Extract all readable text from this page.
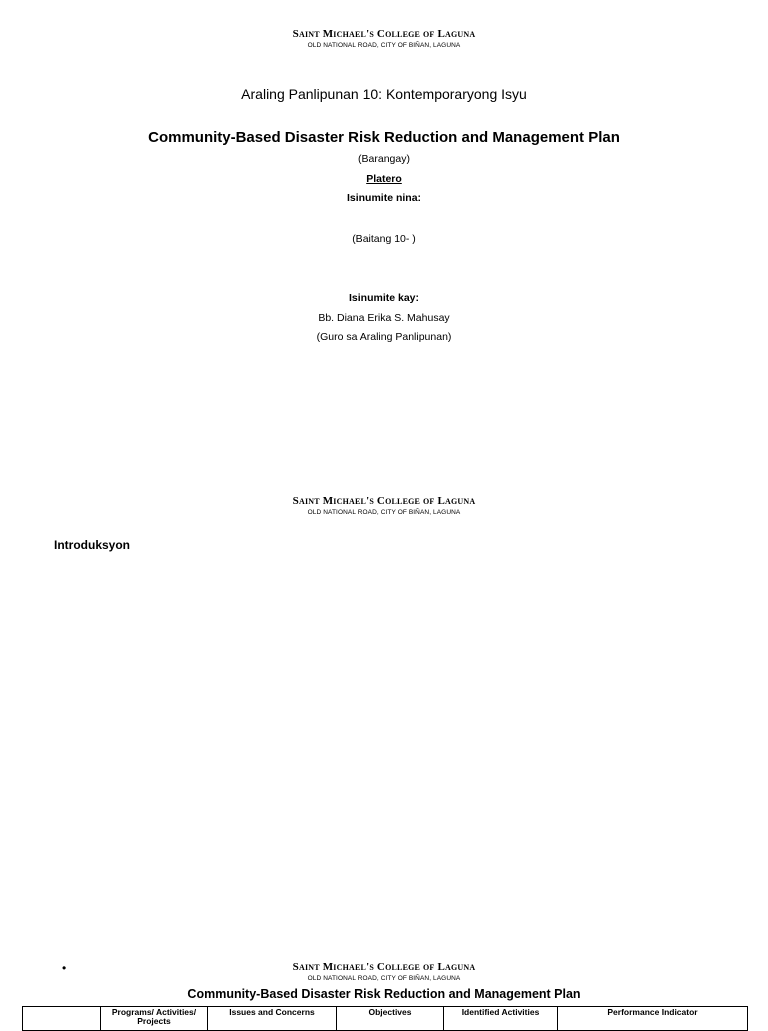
Saint Michael's College of Laguna
OLD NATIONAL ROAD, CITY OF BIÑAN, LAGUNA
Araling Panlipunan 10: Kontemporaryong Isyu
Community-Based Disaster Risk Reduction and Management Plan
(Barangay)
Platero
Isinumite nina:
(Baitang 10- )
Isinumite kay:
Bb. Diana Erika S. Mahusay
(Guro sa Araling Panlipunan)
Saint Michael's College of Laguna
OLD NATIONAL ROAD, CITY OF BIÑAN, LAGUNA
Introduksyon
•	Saint Michael's College of Laguna
OLD NATIONAL ROAD, CITY OF BIÑAN, LAGUNA
Community-Based Disaster Risk Reduction and Management Plan
	Programs/ Activities/ Projects	Issues and Concerns	Objectives	Identified Activities	Performance Indicator
